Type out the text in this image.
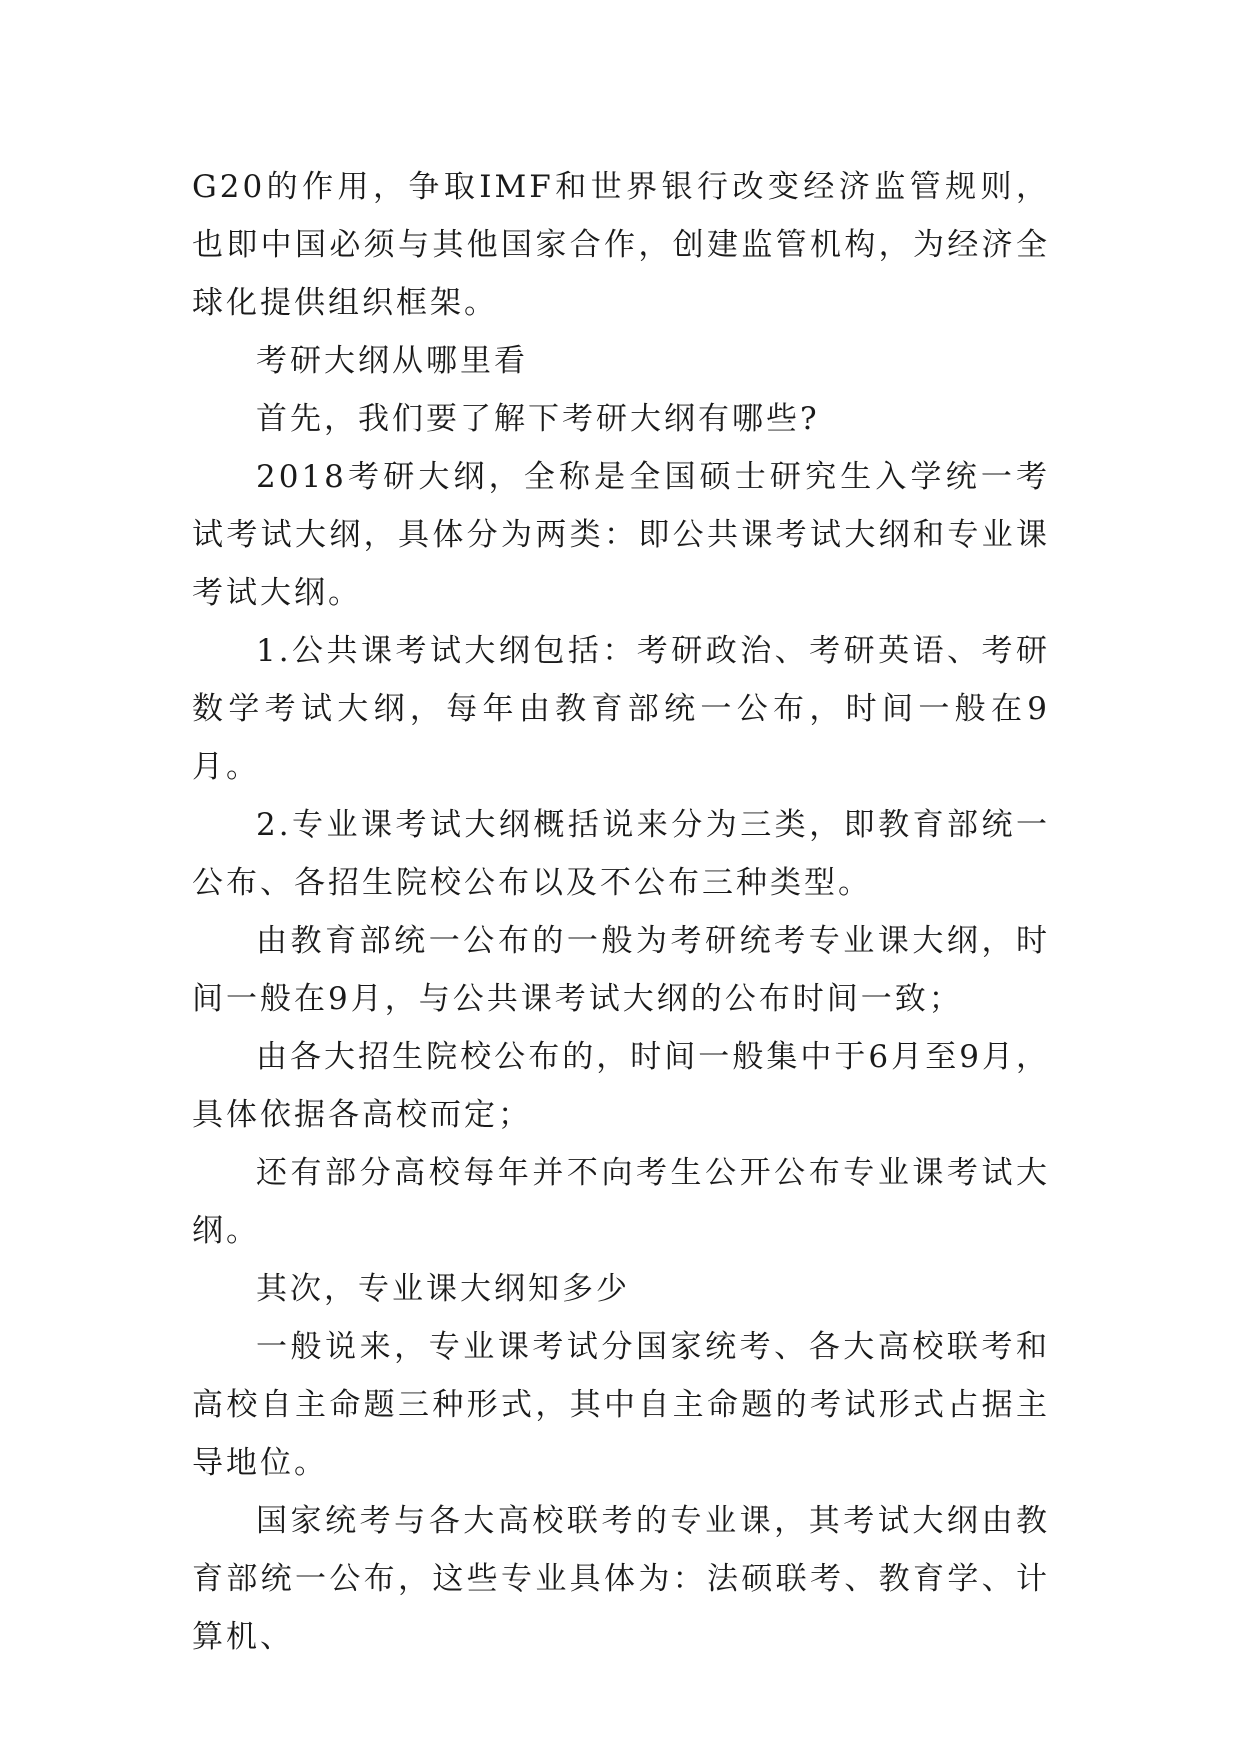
G20的作用，争取IMF和世界银行改变经济监管规则，也即中国必须与其他国家合作，创建监管机构，为经济全球化提供组织框架。

考研大纲从哪里看

首先，我们要了解下考研大纲有哪些?

2018考研大纲，全称是全国硕士研究生入学统一考试考试大纲，具体分为两类：即公共课考试大纲和专业课考试大纲。

1.公共课考试大纲包括：考研政治、考研英语、考研数学考试大纲，每年由教育部统一公布，时间一般在9月。

2.专业课考试大纲概括说来分为三类，即教育部统一公布、各招生院校公布以及不公布三种类型。

由教育部统一公布的一般为考研统考专业课大纲，时间一般在9月，与公共课考试大纲的公布时间一致；

由各大招生院校公布的，时间一般集中于6月至9月，具体依据各高校而定；

还有部分高校每年并不向考生公开公布专业课考试大纲。

其次，专业课大纲知多少

一般说来，专业课考试分国家统考、各大高校联考和高校自主命题三种形式，其中自主命题的考试形式占据主导地位。

国家统考与各大高校联考的专业课，其考试大纲由教育部统一公布，这些专业具体为：法硕联考、教育学、计算机、
